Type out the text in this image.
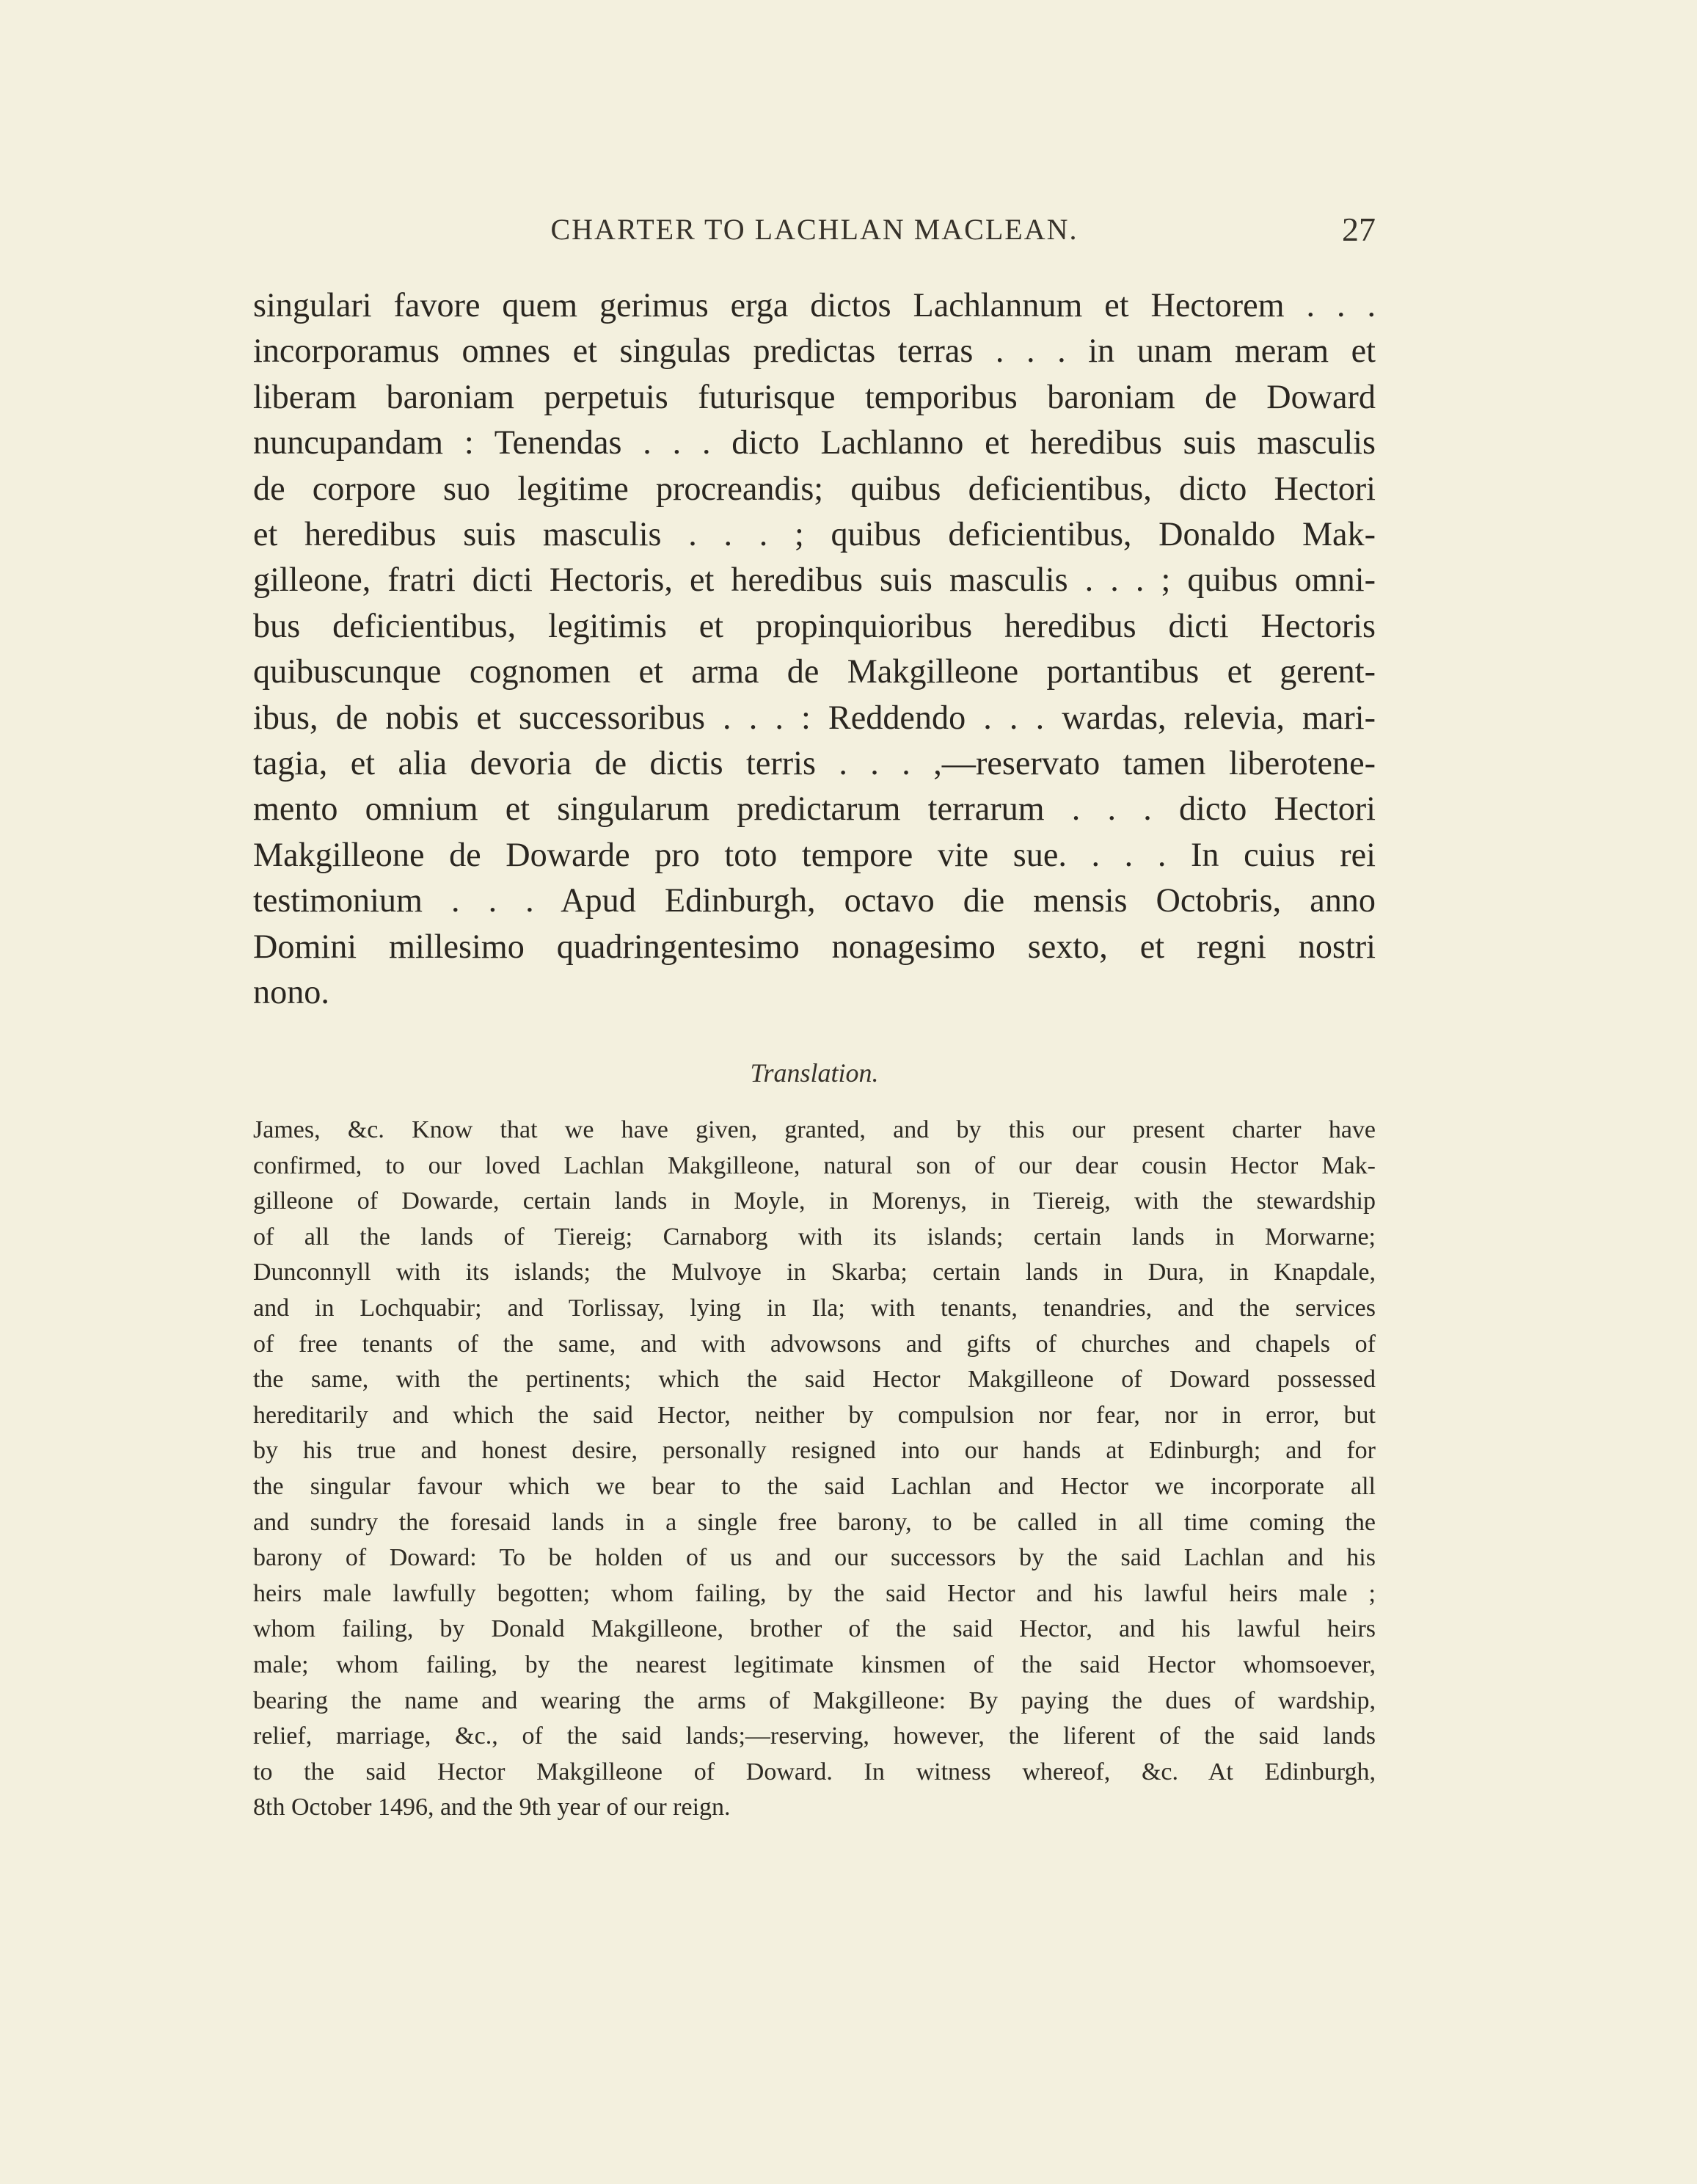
CHARTER TO LACHLAN MACLEAN.	27
singulari favore quem gerimus erga dictos Lachlannum et Hectorem . . .
incorporamus omnes et singulas predictas terras . . . in unam meram et
liberam baroniam perpetuis futurisque temporibus baroniam de Doward
nuncupandam : Tenendas . . . dicto Lachlanno et heredibus suis masculis
de corpore suo legitime procreandis; quibus deficientibus, dicto Hectori
et heredibus suis masculis . . . ; quibus deficientibus, Donaldo Mak-
gilleone, fratri dicti Hectoris, et heredibus suis masculis . . . ; quibus omni-
bus deficientibus, legitimis et propinquioribus heredibus dicti Hectoris
quibuscunque cognomen et arma de Makgilleone portantibus et gerent-
ibus, de nobis et successoribus . . . : Reddendo . . . wardas, relevia, mari-
tagia, et alia devoria de dictis terris . . . ,—reservato tamen liberotene-
mento omnium et singularum predictarum terrarum . . . dicto Hectori
Makgilleone de Dowarde pro toto tempore vite sue. . . . In cuius rei
testimonium . . . Apud Edinburgh, octavo die mensis Octobris, anno
Domini millesimo quadringentesimo nonagesimo sexto, et regni nostri
nono.
Translation.
James, &c. Know that we have given, granted, and by this our present charter have
confirmed, to our loved Lachlan Makgilleone, natural son of our dear cousin Hector Mak-
gilleone of Dowarde, certain lands in Moyle, in Morenys, in Tiereig, with the stewardship
of all the lands of Tiereig; Carnaborg with its islands; certain lands in Morwarne;
Dunconnyll with its islands; the Mulvoye in Skarba; certain lands in Dura, in Knapdale,
and in Lochquabir; and Torlissay, lying in Ila; with tenants, tenandries, and the services
of free tenants of the same, and with advowsons and gifts of churches and chapels of
the same, with the pertinents; which the said Hector Makgilleone of Doward possessed
hereditarily and which the said Hector, neither by compulsion nor fear, nor in error, but
by his true and honest desire, personally resigned into our hands at Edinburgh; and for
the singular favour which we bear to the said Lachlan and Hector we incorporate all
and sundry the foresaid lands in a single free barony, to be called in all time coming the
barony of Doward: To be holden of us and our successors by the said Lachlan and his
heirs male lawfully begotten; whom failing, by the said Hector and his lawful heirs male ;
whom failing, by Donald Makgilleone, brother of the said Hector, and his lawful heirs
male; whom failing, by the nearest legitimate kinsmen of the said Hector whomsoever,
bearing the name and wearing the arms of Makgilleone: By paying the dues of wardship,
relief, marriage, &c., of the said lands;—reserving, however, the liferent of the said lands
to the said Hector Makgilleone of Doward. In witness whereof, &c. At Edinburgh,
8th October 1496, and the 9th year of our reign.
